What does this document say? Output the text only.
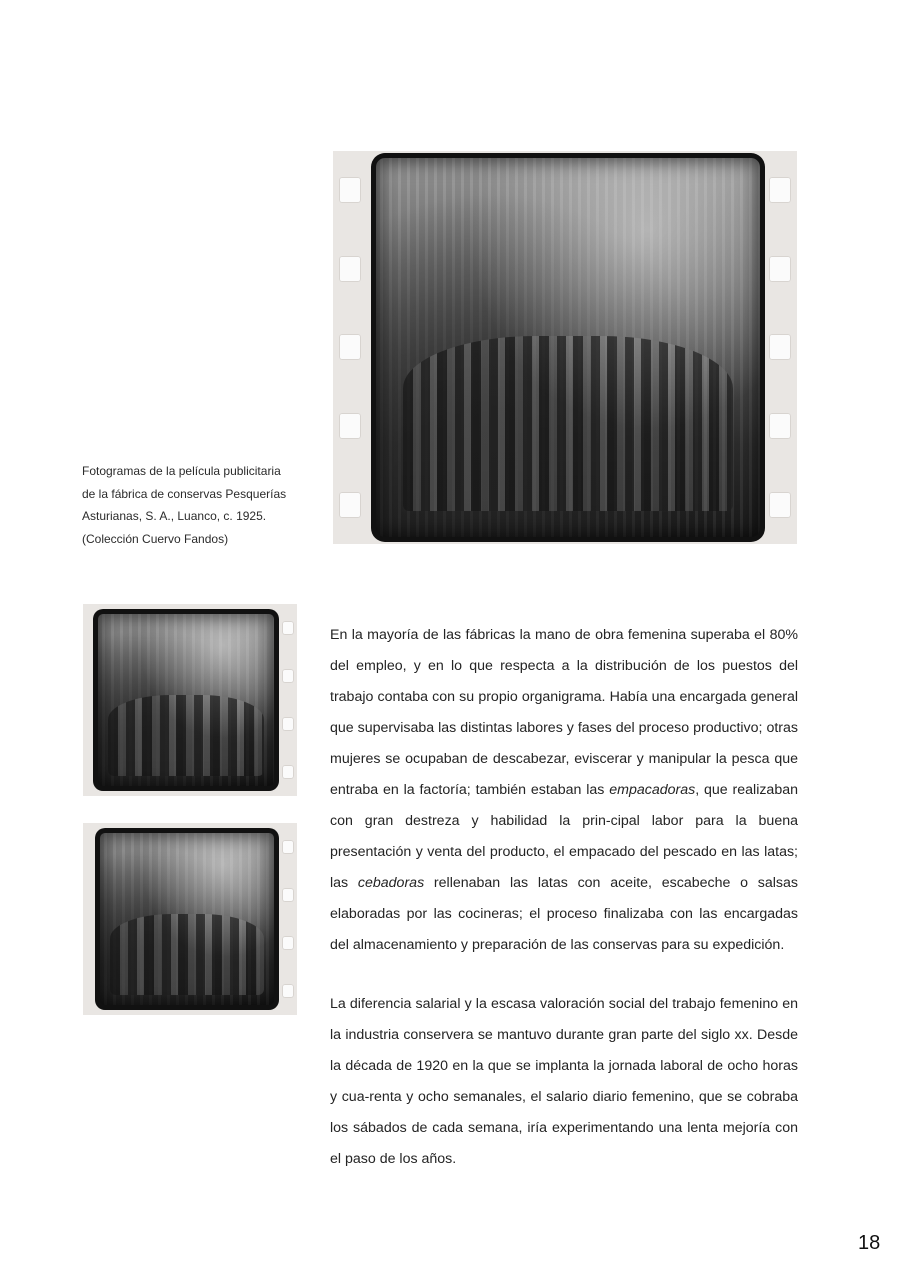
Fotogramas de la película publicitaria

de la fábrica de conservas Pesquerías

Asturianas, S. A., Luanco, c. 1925.

(Colección Cuervo Fandos)

En la mayoría de las fábricas la mano de obra femenina superaba el 80% del empleo, y en lo que respecta a la distribución de los puestos del trabajo contaba con su propio organigrama. Había una encargada general que supervisaba las distintas labores y fases del proceso productivo; otras mujeres se ocupaban de descabezar, eviscerar y manipular la pesca que entraba en la factoría; también estaban las empacadoras, que realizaban con gran destreza y habilidad la prin-cipal labor para la buena presentación y venta del producto, el empacado del pescado en las latas; las cebadoras rellenaban las latas con aceite, escabeche o salsas elaboradas por las cocineras; el proceso finalizaba con las encargadas del almacenamiento y preparación de las conservas para su expedición.

La diferencia salarial y la escasa valoración social del trabajo femenino en la industria conservera se mantuvo durante gran parte del siglo xx. Desde la década de 1920 en la que se implanta la jornada laboral de ocho horas y cua-renta y ocho semanales, el salario diario femenino, que se cobraba los sábados de cada semana, iría experimentando una lenta mejoría con el paso de los años.

18
